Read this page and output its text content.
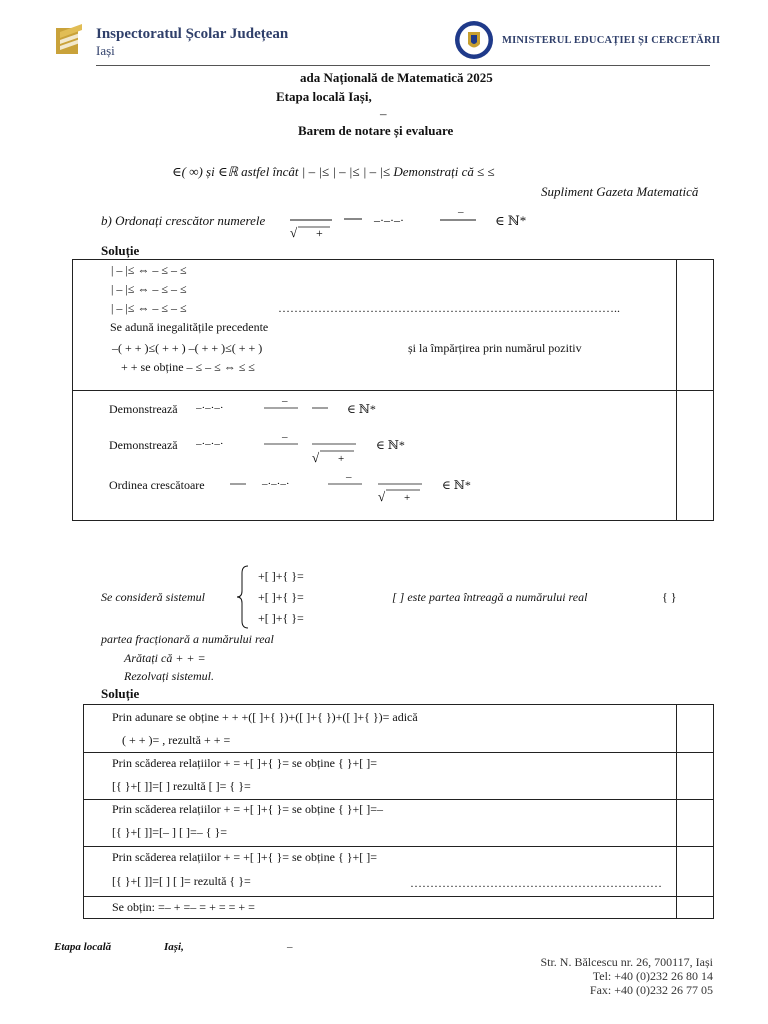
Inspectoratul Școlar Județean
Iași
MINISTERUL EDUCAȚIEI ȘI CERCETĂRII
ada Națională de Matematică 2025
Etapa locală Iași,
–
Barem de notare și evaluare
∈( ∞) și ∈ℝ astfel încât | – |≤ | – |≤ | – |≤ Demonstrați că ≤ ≤
Supliment Gazeta Matematică
b) Ordonați crescător numerele
√ +
–·–·–·
–
∈ ℕ*
Soluție
| – |≤ ⇔ – ≤ – ≤
| – |≤ ⇔ – ≤ – ≤
| – |≤ ⇔ – ≤ – ≤	…………………………………………………………………………..
Se adună inegalitățile precedente
–( + + )≤( + + ) –( + + )≤( + + )	și la împărțirea prin numărul pozitiv
+ + se obține – ≤ – ≤ ⇔ ≤ ≤
Demonstrează –·–·–·
–
∈ ℕ*
Demonstrează –·–·–·
–
√ +
∈ ℕ*
Ordinea crescătoare	–·–·–·
–
√ +
∈ ℕ*
Se consideră sistemul
+[ ]+{ }=
+[ ]+{ }=
+[ ]+{ }=
[ ] este partea întreagă a numărului real	{ }
partea fracționară a numărului real
Arătați că + + =
Rezolvați sistemul.
Soluție
Prin adunare se obține + + +([ ]+{ })+([ ]+{ })+([ ]+{ })= adică
( + + )= , rezultă + + =
Prin scăderea relațiilor + = +[ ]+{ }= se obține { }+[ ]=
[{ }+[ ]]=[ ] rezultă [ ]= { }=
Prin scăderea relațiilor + = +[ ]+{ }= se obține { }+[ ]=–
[{ }+[ ]]=[– ] [ ]=– { }=
Prin scăderea relațiilor + = +[ ]+{ }= se obține { }+[ ]=
[{ }+[ ]]=[ ] [ ]= rezultă { }=	………………………………………………………
Se obțin: =– + =– = + = = + =
Etapa locală	Iași,	–
Str. N. Bălcescu nr. 26, 700117, Iași
Tel: +40 (0)232 26 80 14
Fax: +40 (0)232 26 77 05
